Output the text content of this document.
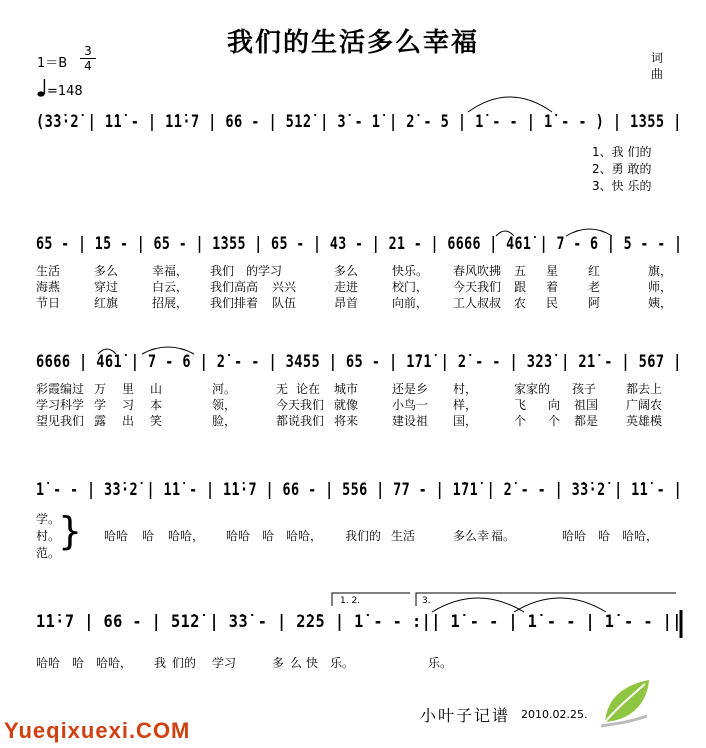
我们的生活多么幸福
1＝B
3
4
=148
词
曲
(3̇3̇·2̇ | 1̇1̇ - | 1̇1̇·7 | 66 - | 51̇2̇ | 3̇ - 1̇ | 2̇ - 5 | 1̇ - - | 1̇ - - ) | 1̇355 |
1、我 们的
2、勇 敢的
3、快 乐的
65 - | 1̇5 - | 65 - | 1̇355 | 65 - | 43 - | 21 - | 6666 | 461̇ | 7 - 6 | 5 - - |
生活	多么	幸福， 我们 的学习	多么	快乐。 春风吹拂 五 星 红	旗，
海燕	穿过	白云， 我们高高 兴兴	走进	校门， 今天我们 跟 着 老	师，
节日	红旗	招展， 我们排着 队伍	昂首	向前， 工人叔叔 农 民 阿	姨，
6666 | 461̇ | 7 - 6 | 2̇ - - | 3455 | 65 - | 1̇71̇ | 2̇ - - | 3̇2̇3̇ | 2̇1̇ - | 567 |
彩霞编过 万 里 山	河。	无 论在 城市	还是乡 村，	家家的 孩子 都去上
学习科学 学 习 本	领，	今天我们 就像	小鸟一 样，	飞 向 祖国 广阔农
望见我们 露 出 笑	脸，	都说我们 将来	建设祖 国，	个 个 都是 英雄模
1̇ - - | 3̇3̇·2̇ | 1̇1̇ - | 1̇1̇·7 | 66 - | 556 | 77 - | 1̇71̇ | 2̇ - - | 3̇3̇·2̇ | 1̇1̇ - |
学。
村。
范。
} 哈哈 哈 哈哈， 哈哈 哈 哈哈， 我们的 生活	多么幸 福。	哈哈 哈 哈哈，
1. 2.	3.
1̇1̇·7 | 66 - | 51̇2̇ | 3̇3̇ - | 2̇2̇5 | 1̇ - - :|| 1̇ - - | 1̇ - - | 1̇ - - ||
哈哈 哈 哈哈， 我 们的 学习	多 么 快 乐。	乐。
小叶子记谱 2010.02.25.
Yueqixuexi.COM
